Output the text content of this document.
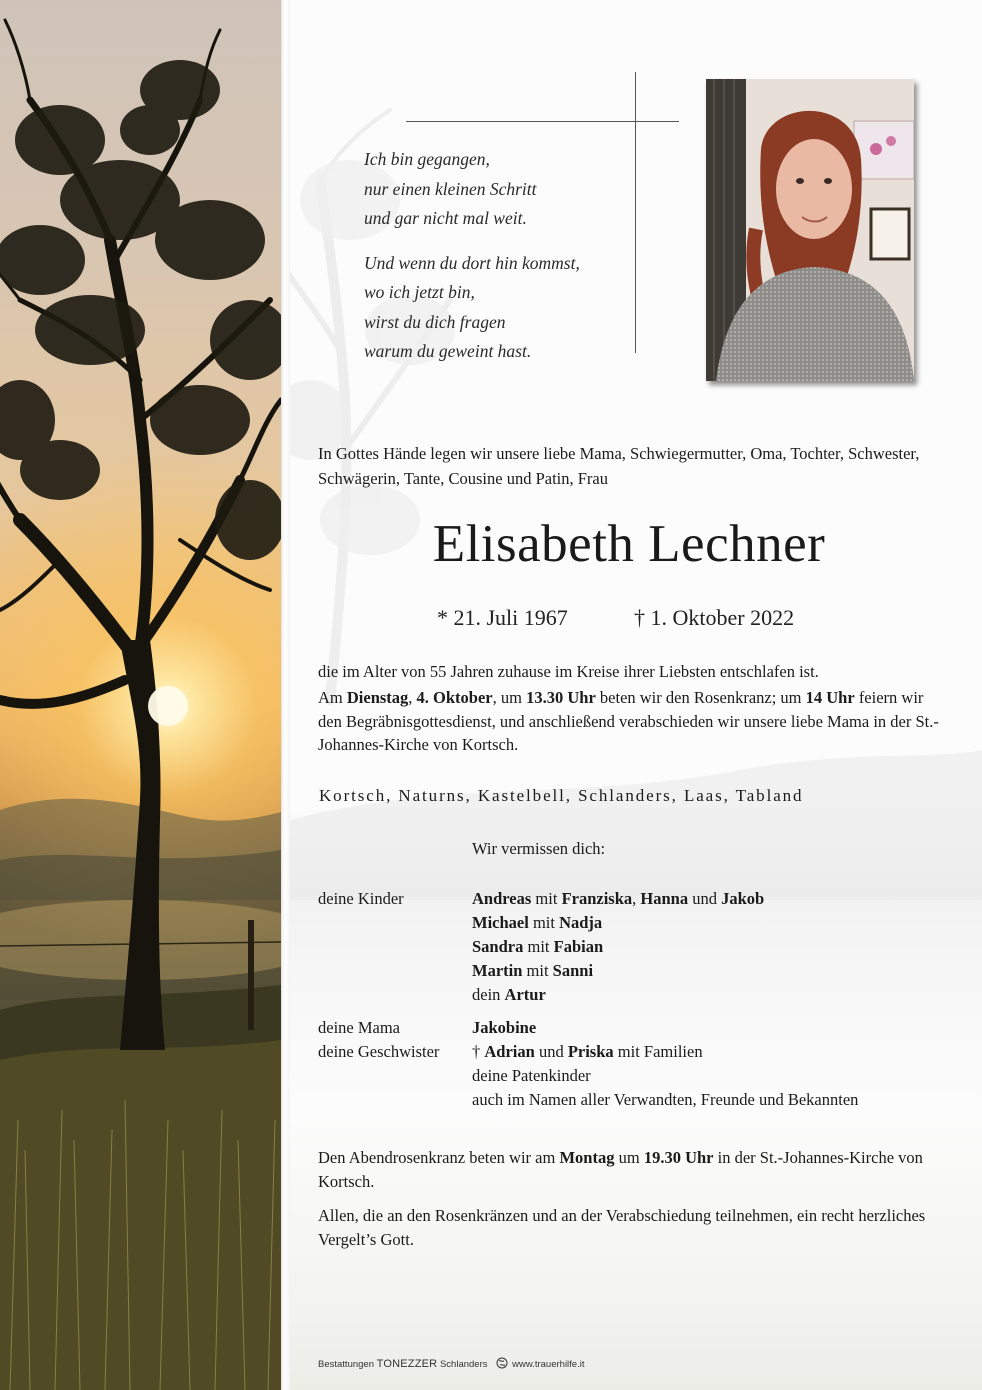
Ich bin gegangen,
nur einen kleinen Schritt
und gar nicht mal weit.
Und wenn du dort hin kommst,
wo ich jetzt bin,
wirst du dich fragen
warum du geweint hast.
In Gottes Hände legen wir unsere liebe Mama, Schwiegermutter, Oma, Tochter, Schwester, Schwägerin, Tante, Cousine und Patin, Frau
Elisabeth Lechner
* 21. Juli 1967	† 1. Oktober 2022
die im Alter von 55 Jahren zuhause im Kreise ihrer Liebsten entschlafen ist.
Am Dienstag, 4. Oktober, um 13.30 Uhr beten wir den Rosenkranz; um 14 Uhr feiern wir den Begräbnisgottesdienst, und anschließend verabschieden wir unsere liebe Mama in der St.-Johannes-Kirche von Kortsch.
Kortsch, Naturns, Kastelbell, Schlanders, Laas, Tabland
Wir vermissen dich:
deine Kinder	Andreas mit Franziska, Hanna und Jakob
Michael mit Nadja
Sandra mit Fabian
Martin mit Sanni
dein Artur
deine Mama	Jakobine
deine Geschwister † Adrian und Priska mit Familien
deine Patenkinder
auch im Namen aller Verwandten, Freunde und Bekannten
Den Abendrosenkranz beten wir am Montag um 19.30 Uhr in der St.-Johannes-Kirche von Kortsch.
Allen, die an den Rosenkränzen und an der Verabschiedung teilnehmen, ein recht herzliches Vergelt’s Gott.
Bestattungen TONEZZER Schlanders	www.trauerhilfe.it
